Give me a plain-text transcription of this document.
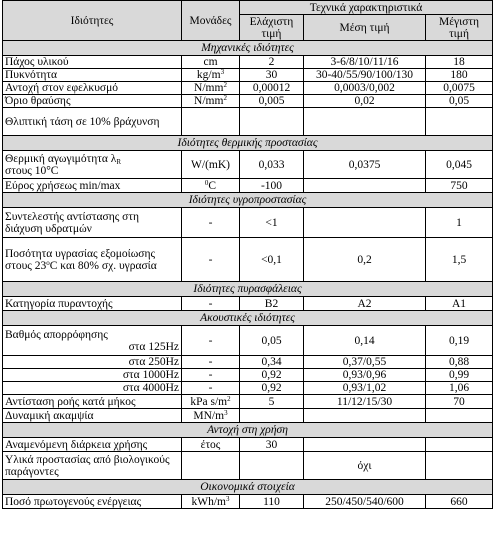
Ιδιότητες	Μονάδες	Τεχνικά χαρακτηριστικά		
		Ελάχιστη τιμή	Μέση τιμή	Μέγιστη τιμή
Μηχανικές ιδιότητες				
Πάχος υλικού	cm	2	3-6/8/10/11/16	18
Πυκνότητα	$kg/m^3$	30	30-40/55/90/100/130	180
Αντοχή στον εφελκυσμό	$N/mm^2$	0,00012	0,0003/0,002	0,0075
Όριο θραύσης	$N/mm^2$	0,005	0,02	0,05
Θλιπτική τάση σε 10% βράχυνση				
Ιδιότητες θερμικής προστασίας				
Θερμική αγωγιμότητα $\lambda_R$
στους 10°C	W/(mK)	0,033	0,0375	0,045
Εύρος χρήσεως min/max	$^0$C	-100		750
Ιδιότητες υγροπροστασίας				
Συντελεστής αντίστασης στη διάχυση υδρατμών	-	<1		1
Ποσότητα υγρασίας εξομοίωσης στους $23^oC$ και 80% σχ. υγρασία	-	<0,1	0,2	1,5
Ιδιότητες πυρασφάλειας				
Κατηγορία πυραντοχής	-	B2	A2	A1
Ακουστικές ιδιότητες				
Βαθμός απορρόφησης
στα 125Hz	-	0,05	0,14	0,19

στα 250Hz	-	0,34	0,37/0,55	0,88

στα 1000Hz	-	0,92	0,93/0,96	0,99

στα 4000Hz	-	0,92	0,93/1,02	1,06
Αντίσταση ροής κατά μήκος	kPa $s/m^2$	5	11/12/15/30	70
Δυναμική ακαμψία	$MN/m^3$			
Αντοχή στη χρήση				
Αναμενόμενη διάρκεια χρήσης	έτος	30		
Υλικά προστασίας από βιολογικούς παράγοντες			όχι	
Οικονομικά στοιχεία				
Ποσό πρωτογενούς ενέργειας	kWh/$m^3$	110	250/450/540/600	660
